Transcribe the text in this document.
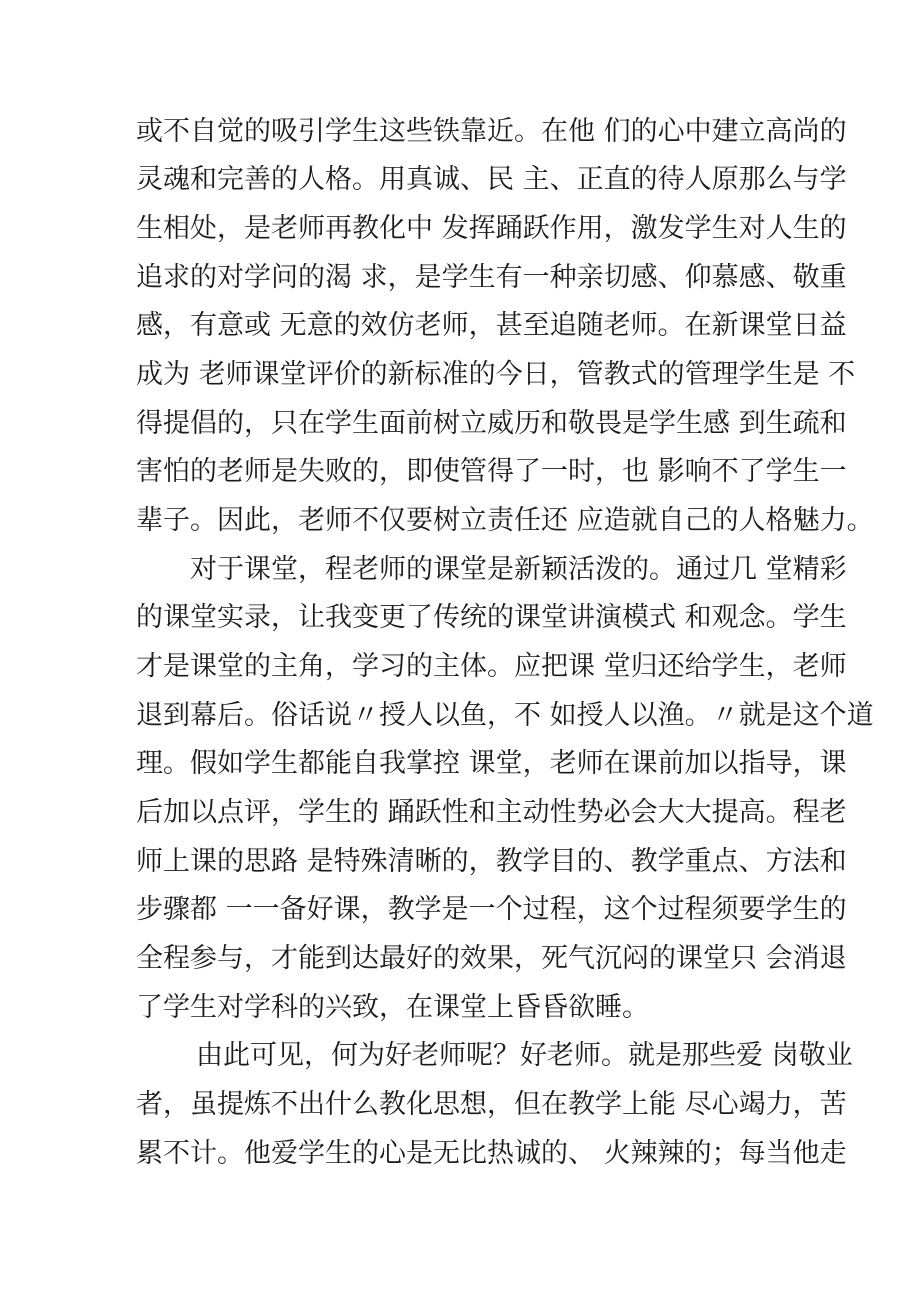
或不自觉的吸引学生这些铁靠近。在他 们的心中建立高尚的
灵魂和完善的人格。用真诚、民 主、正直的待人原那么与学
生相处，是老师再教化中 发挥踊跃作用，激发学生对人生的
追求的对学问的渴 求，是学生有一种亲切感、仰慕感、敬重
感，有意或 无意的效仿老师，甚至追随老师。在新课堂日益
成为 老师课堂评价的新标准的今日，管教式的管理学生是 不
得提倡的，只在学生面前树立威历和敬畏是学生感 到生疏和
害怕的老师是失败的，即使管得了一时，也 影响不了学生一
辈子。因此，老师不仅要树立责任还 应造就自己的人格魅力。
对于课堂，程老师的课堂是新颖活泼的。通过几 堂精彩
的课堂实录，让我变更了传统的课堂讲演模式 和观念。学生
才是课堂的主角，学习的主体。应把课 堂归还给学生，老师
退到幕后。俗话说〃授人以鱼，不 如授人以渔。〃就是这个道
理。假如学生都能自我掌控 课堂，老师在课前加以指导，课
后加以点评，学生的 踊跃性和主动性势必会大大提高。程老
师上课的思路 是特殊清晰的，教学目的、教学重点、方法和
步骤都 一一备好课，教学是一个过程，这个过程须要学生的
全程参与，才能到达最好的效果，死气沉闷的课堂只 会消退
了学生对学科的兴致，在课堂上昏昏欲睡。
由此可见，何为好老师呢？好老师。就是那些爱 岗敬业
者，虽提炼不出什么教化思想，但在教学上能 尽心竭力，苦
累不计。他爱学生的心是无比热诚的、 火辣辣的；每当他走
